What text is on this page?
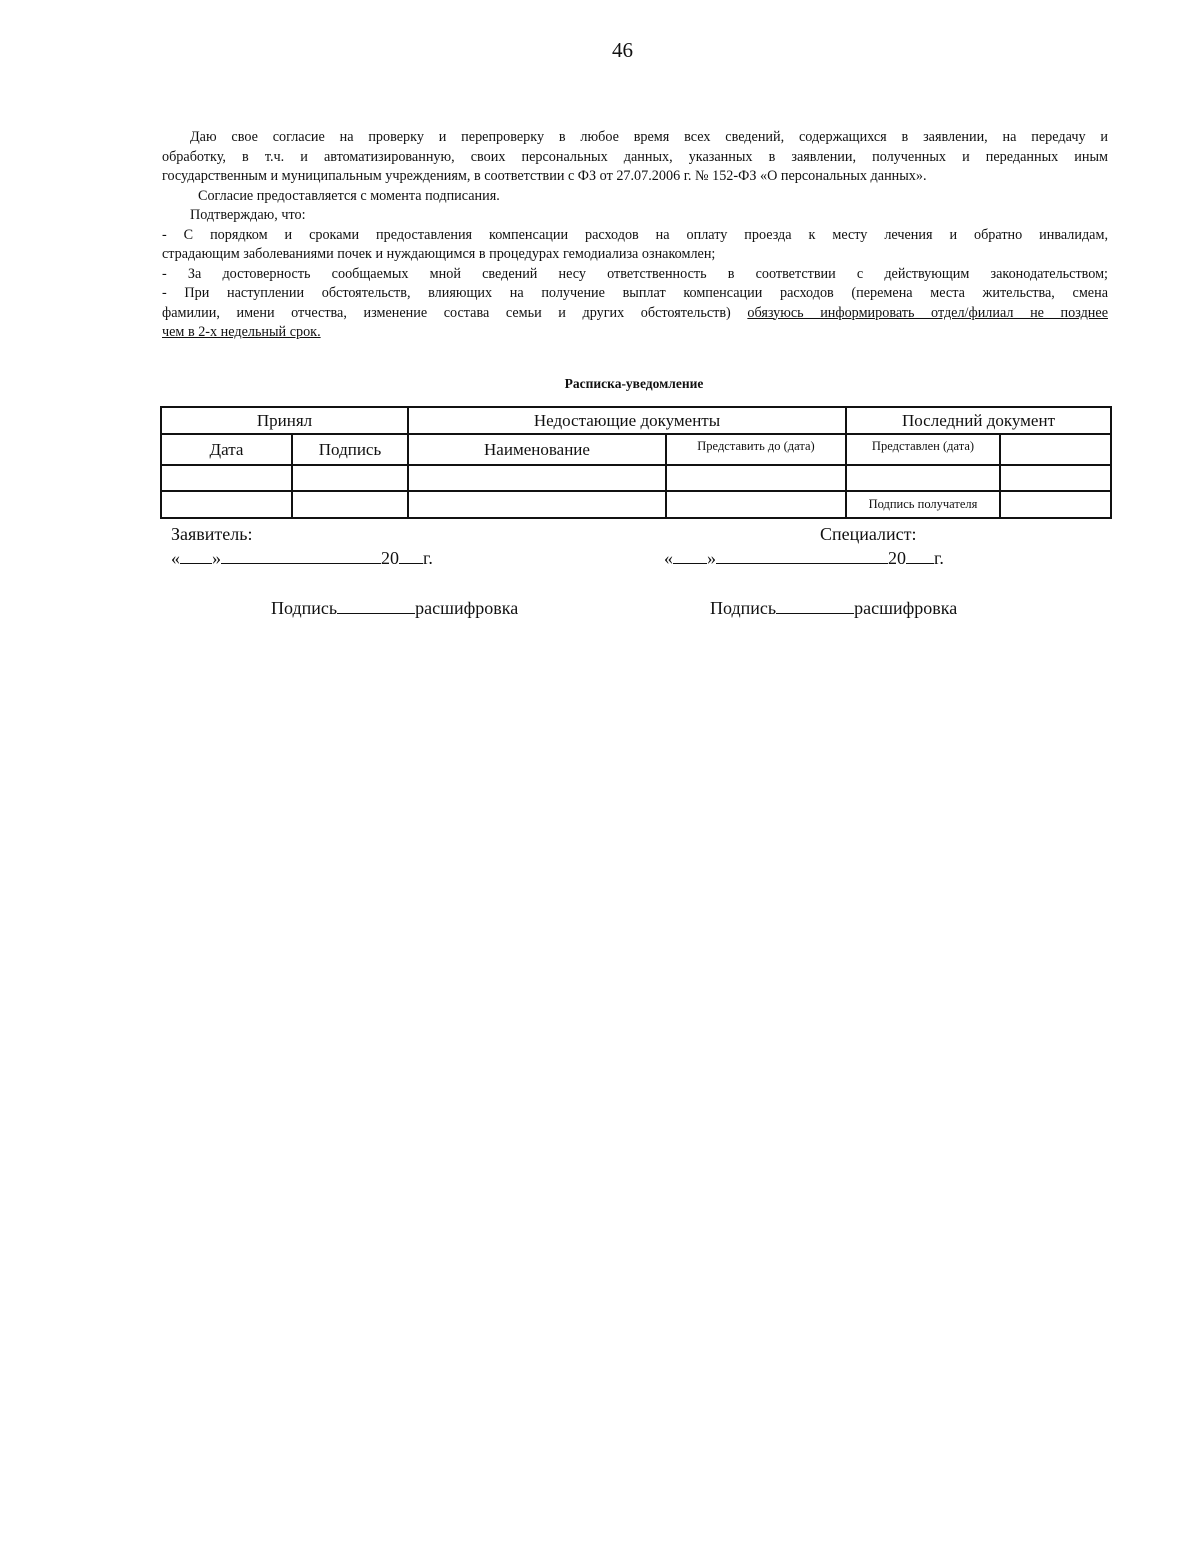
46

Даю свое согласие на проверку и перепроверку в любое время всех сведений, содержащихся в заявлении, на передачу и

обработку, в т.ч. и автоматизированную, своих персональных данных, указанных в заявлении, полученных и переданных иным

государственным и муниципальным учреждениям, в соответствии с ФЗ от 27.07.2006 г. № 152-ФЗ «О персональных данных».

Согласие предоставляется с момента подписания.

Подтверждаю, что:

- С порядком и сроками предоставления компенсации расходов на оплату проезда к месту лечения и обратно инвалидам,

страдающим заболеваниями почек и нуждающимся в процедурах гемодиализа ознакомлен;

- За достоверность сообщаемых мной сведений несу ответственность в соответствии с действующим законодательством;

- При наступлении обстоятельств, влияющих на получение выплат компенсации расходов (перемена места жительства, смена

фамилии, имени отчества, изменение состава семьи и других обстоятельств) обязуюсь информировать отдел/филиал не позднее

чем в 2-х недельный срок.

Расписка-уведомление
Принял		Недостающие документы		Последний документ	
Дата	Подпись	Наименование	Представить до (дата)	Представлен (дата)	

				Подпись получателя	
Заявитель:	Специалист:
« »	20 г.	« »	20 г.
Подпись	расшифровка	Подпись	расшифровка
